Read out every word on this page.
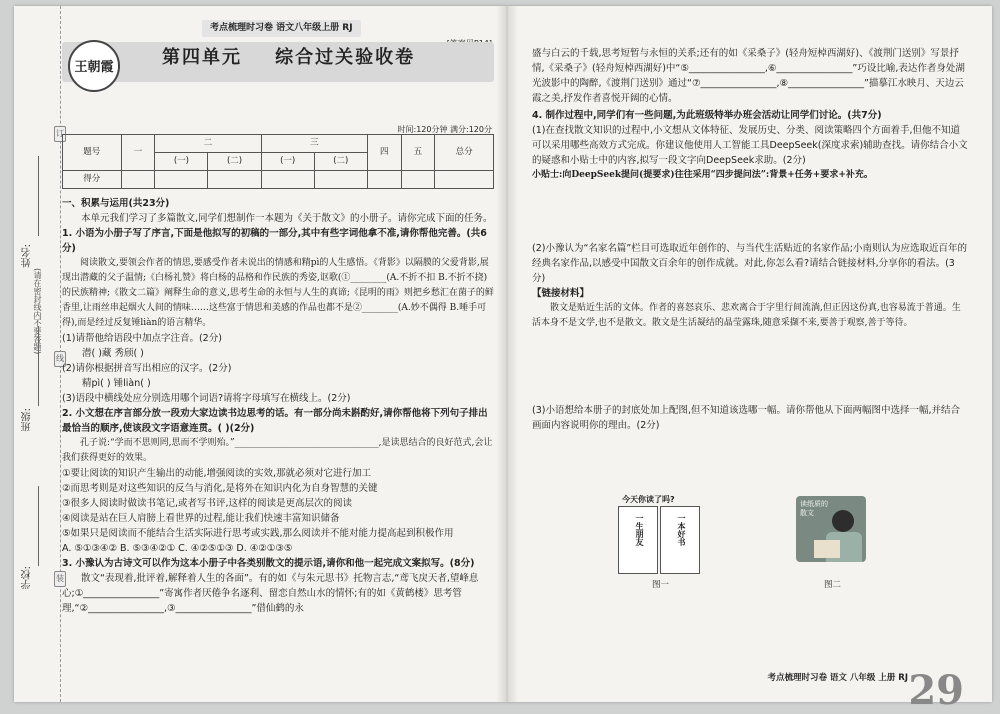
姓名:
(请在密封线内不要答题)
班级:
学校:
订
线
装
考点梳理时习卷 语文八年级上册 RJ
王朝霞	第四单元 综合过关验收卷
时间:120分钟 满分:120分
题号	一	二		三		四	五	总分
		(一)	(二)	(一)	(二)			
得分								

一、积累与运用(共23分)

本单元我们学习了多篇散文,同学们想制作一本题为《关于散文》的小册子。请你完成下面的任务。

1. 小语为小册子写了序言,下面是他拟写的初稿的一部分,其中有些字词他拿不准,请你帮他完善。(共6分)

阅读散文,要领会作者的情思,要感受作者未说出的情感和精pì的人生感悟。《背影》以隔膜的父爱背影,展现出潜藏的父子温情;《白杨礼赞》将白杨的品格和作民族的秀姿,讴歌(①________(A.不折不扣 B.不折不挠)的民族精神;《散文二篇》阐释生命的意义,思考生命的永恒与人生的真谛;《昆明的雨》则把乡愁汇在菌子的鲜香里,让雨丝串起烟火人间的情味……这些富于情思和美感的作品也都不是②________(A.妙不偶得 B.唾手可得),而是经过反复锤liàn的语言精华。

(1)请帮他给语段中加点字注音。(2分)

潜( )藏 秀颀( )

(2)请你根据拼音写出相应的汉字。(2分)

精pì( ) 锤liàn( )

(3)语段中横线处应分别选用哪个词语?请将字母填写在横线上。(2分)

2. 小文想在序言部分放一段劝大家边读书边思考的话。有一部分尚未斟酌好,请你帮他将下列句子排出最恰当的顺序,使该段文字语意连贯。( )(2分)

孔子说:“学而不思则罔,思而不学则殆。”________________________________,是读思结合的良好范式,会让我们获得更好的效果。

①要让阅读的知识产生输出的动能,增强阅读的实效,那就必须对它进行加工

②而思考则是对这些知识的反刍与消化,是将外在知识内化为自身智慧的关键

③很多人阅读时做读书笔记,或者写书评,这样的阅读是更高层次的阅读

④阅读是站在巨人肩膀上看世界的过程,能让我们快速丰富知识储备

⑤如果只是阅读而不能结合生活实际进行思考或实践,那么阅读并不能对能力提高起到积极作用

A. ⑤①③④② B. ⑤③④②① C. ④②⑤①③ D. ④②①③⑤

3. 小豫认为古诗文可以作为这本小册子中各类别散文的提示语,请你和他一起完成文案拟写。(8分)

散文“表现着,批评着,解释着人生的各面”。有的如《与朱元思书》托物言志,“鸢飞戾天者,望峰息心;①________________”寄寓作者厌倦争名逐利、留恋自然山水的情怀;有的如《黄鹤楼》思考管理,“②________________,③________________”借仙鹤的永

盛与白云的千载,思考短暂与永恒的关系;还有的如《采桑子》(轻舟短棹西湖好)、《渡荆门送别》写景抒情,《采桑子》(轻舟短棹西湖好)中“⑤________________,⑥________________”巧设比喻,表达作者身处湖光波影中的陶醉,《渡荆门送别》通过“⑦________________,⑧________________”描摹江水映月、天边云霞之美,抒发作者喜悦开阔的心情。

4. 制作过程中,同学们有一些问题,为此班级特举办班会活动让同学们讨论。(共7分)

(1)在查找散文知识的过程中,小文想从文体特征、发展历史、分类、阅读策略四个方面着手,但他不知道可以采用哪些高效方式完成。你建议他使用人工智能工具DeepSeek(深度求索)辅助查找。请你结合小文的疑惑和小贴士中的内容,拟写一段文字向DeepSeek求助。(2分)

小贴士:向DeepSeek提问(提要求)往往采用“四步提问法”:背景+任务+要求+补充。

(2)小豫认为“名家名篇”栏目可选取近年创作的、与当代生活贴近的名家作品;小南则认为应选取近百年的经典名家作品,以感受中国散文百余年的创作成就。对此,你怎么看?请结合链接材料,分享你的看法。(3分)

【链接材料】

散文是贴近生活的文体。作者的喜怒哀乐、悲欢离合于字里行间流淌,但正因这份真,也容易流于普通。生活本身不是文学,也不是散文。散文是生活凝结的晶莹露珠,随意采撷不来,要善于观察,善于等待。

(3)小语想给本册子的封底处加上配图,但不知道该选哪一幅。请你帮他从下面两幅图中选择一幅,并结合画面内容说明你的理由。(2分)

今天你读了吗?
一生朋友	一本好书
图一
读纸质的散文
图二
考点梳理时习卷 语文 八年级 上册 RJ 29
